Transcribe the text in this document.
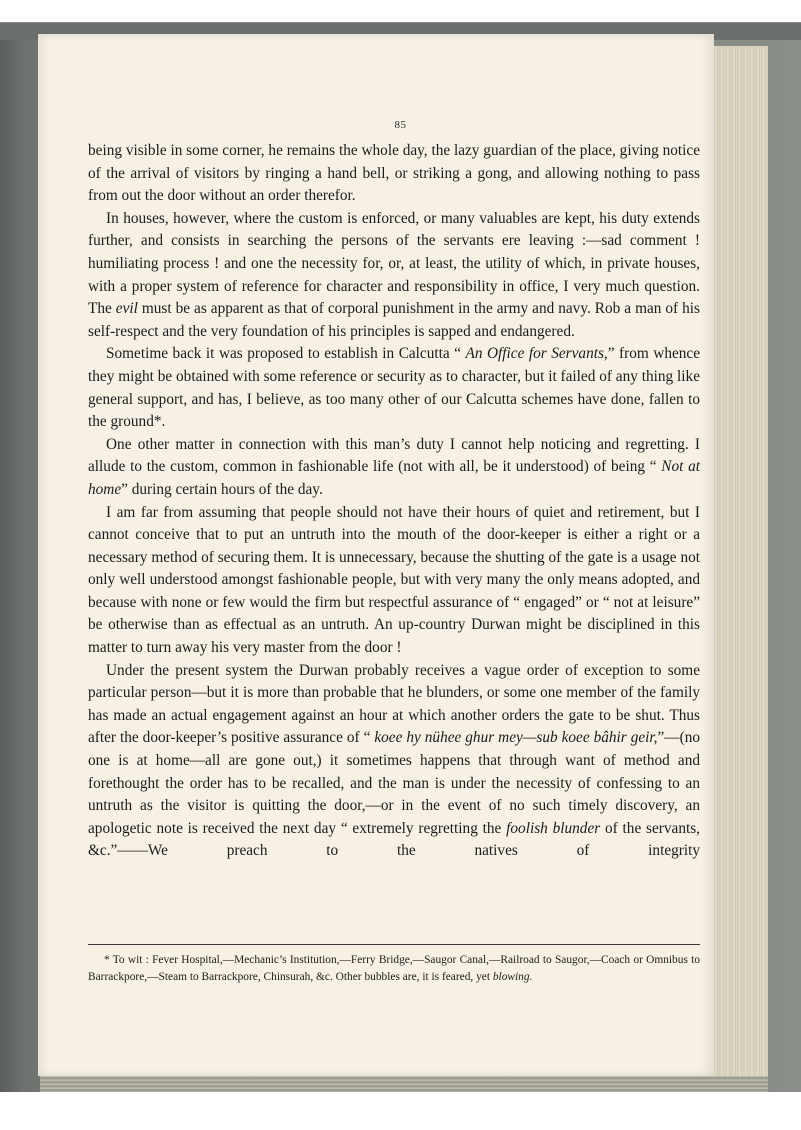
85

being visible in some corner, he remains the whole day, the lazy guardian of the place, giving notice of the arrival of visitors by ringing a hand bell, or striking a gong, and allowing nothing to pass from out the door without an order therefor.

In houses, however, where the custom is enforced, or many valuables are kept, his duty extends further, and consists in searching the persons of the servants ere leaving :—sad comment ! humiliating process ! and one the necessity for, or, at least, the utility of which, in private houses, with a proper system of reference for character and responsibility in office, I very much question. The evil must be as apparent as that of corporal punishment in the army and navy. Rob a man of his self-respect and the very foundation of his principles is sapped and endangered.

Sometime back it was proposed to establish in Calcutta “ An Office for Servants,” from whence they might be obtained with some reference or security as to character, but it failed of any thing like general support, and has, I believe, as too many other of our Calcutta schemes have done, fallen to the ground*.

One other matter in connection with this man’s duty I cannot help noticing and regretting. I allude to the custom, common in fashionable life (not with all, be it understood) of being “ Not at home” during certain hours of the day.

I am far from assuming that people should not have their hours of quiet and retirement, but I cannot conceive that to put an untruth into the mouth of the door-keeper is either a right or a necessary method of securing them. It is unnecessary, because the shutting of the gate is a usage not only well understood amongst fashionable people, but with very many the only means adopted, and because with none or few would the firm but respectful assurance of “ engaged” or “ not at leisure” be otherwise than as effectual as an untruth. An up-country Durwan might be disciplined in this matter to turn away his very master from the door !

Under the present system the Durwan probably receives a vague order of exception to some particular person—but it is more than probable that he blunders, or some one member of the family has made an actual engagement against an hour at which another orders the gate to be shut. Thus after the door-keeper’s positive assurance of “ koee hy nühee ghur mey—sub koee bâhir geir,”—(no one is at home—all are gone out,) it sometimes happens that through want of method and forethought the order has to be recalled, and the man is under the necessity of confessing to an untruth as the visitor is quitting the door,—or in the event of no such timely discovery, an apologetic note is received the next day “ extremely regretting the foolish blunder of the servants, &c.”——We preach to the natives of integrity

* To wit : Fever Hospital,—Mechanic’s Institution,—Ferry Bridge,—Saugor Canal,—Railroad to Saugor,—Coach or Omnibus to Barrackpore,—Steam to Barrackpore, Chinsurah, &c. Other bubbles are, it is feared, yet blowing.
